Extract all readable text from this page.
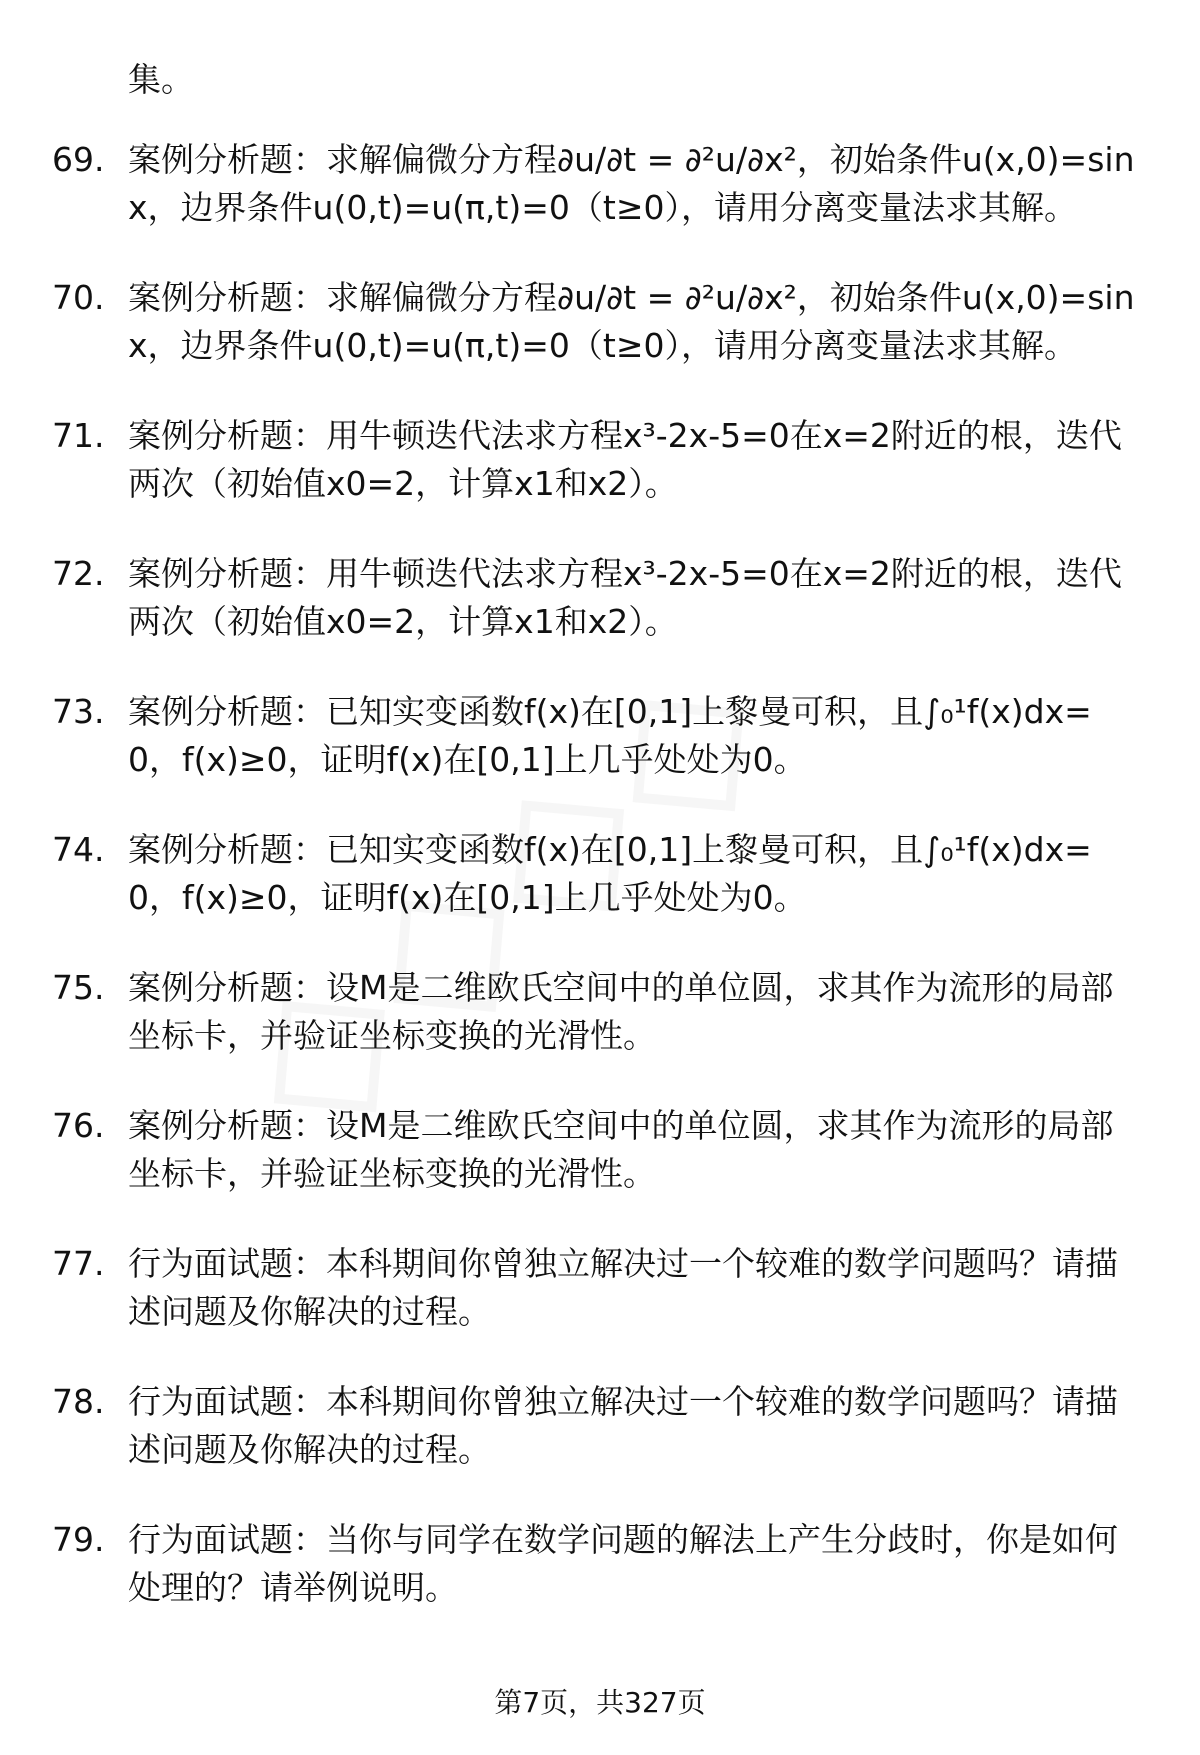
集。

69. 案例分析题：求解偏微分方程∂u/∂t = ∂²u/∂x²，初始条件u(x,0)=sinx，边界条件u(0,t)=u(π,t)=0（t≥0），请用分离变量法求其解。
70. 案例分析题：求解偏微分方程∂u/∂t = ∂²u/∂x²，初始条件u(x,0)=sinx，边界条件u(0,t)=u(π,t)=0（t≥0），请用分离变量法求其解。
71. 案例分析题：用牛顿迭代法求方程x³-2x-5=0在x=2附近的根，迭代两次（初始值x0=2，计算x1和x2）。
72. 案例分析题：用牛顿迭代法求方程x³-2x-5=0在x=2附近的根，迭代两次（初始值x0=2，计算x1和x2）。
73. 案例分析题：已知实变函数f(x)在[0,1]上黎曼可积，且∫₀¹f(x)dx=0，f(x)≥0，证明f(x)在[0,1]上几乎处处为0。
74. 案例分析题：已知实变函数f(x)在[0,1]上黎曼可积，且∫₀¹f(x)dx=0，f(x)≥0，证明f(x)在[0,1]上几乎处处为0。
75. 案例分析题：设M是二维欧氏空间中的单位圆，求其作为流形的局部坐标卡，并验证坐标变换的光滑性。
76. 案例分析题：设M是二维欧氏空间中的单位圆，求其作为流形的局部坐标卡，并验证坐标变换的光滑性。
77. 行为面试题：本科期间你曾独立解决过一个较难的数学问题吗？请描述问题及你解决的过程。
78. 行为面试题：本科期间你曾独立解决过一个较难的数学问题吗？请描述问题及你解决的过程。
79. 行为面试题：当你与同学在数学问题的解法上产生分歧时，你是如何处理的？请举例说明。
第7页，共327页
